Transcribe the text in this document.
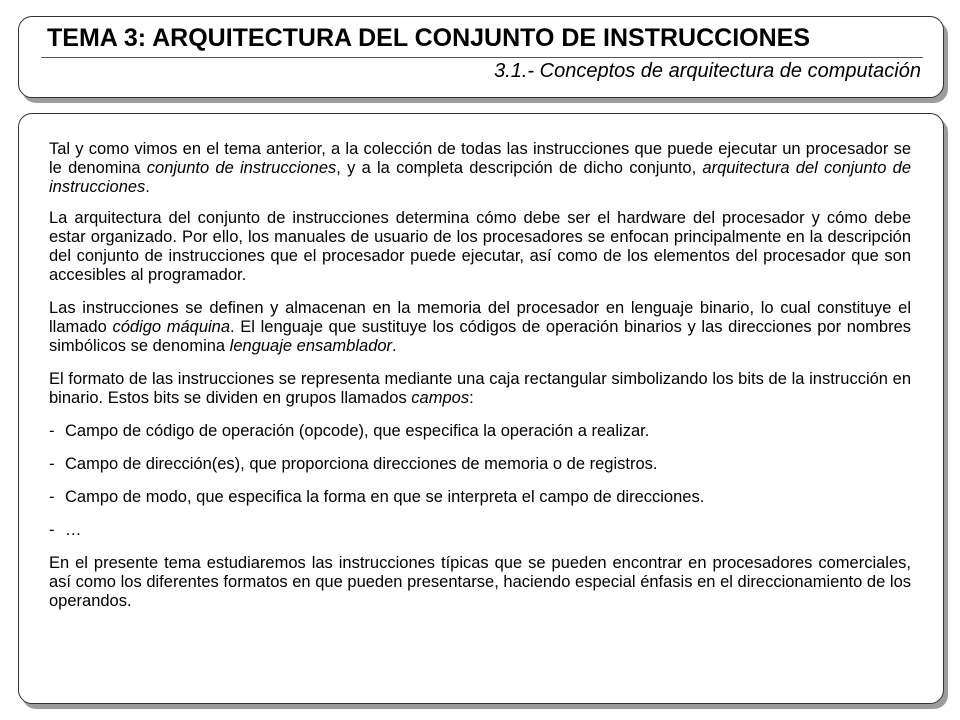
TEMA 3: ARQUITECTURA DEL CONJUNTO DE INSTRUCCIONES
3.1.- Conceptos de arquitectura de computación

Tal y como vimos en el tema anterior, a la colección de todas las instrucciones que puede ejecutar un procesador se le denomina conjunto de instrucciones, y a la completa descripción de dicho conjunto, arquitectura del conjunto de instrucciones.

La arquitectura del conjunto de instrucciones determina cómo debe ser el hardware del procesador y cómo debe estar organizado. Por ello, los manuales de usuario de los procesadores se enfocan principalmente en la descripción del conjunto de instrucciones que el procesador puede ejecutar, así como de los elementos del procesador que son accesibles al programador.

Las instrucciones se definen y almacenan en la memoria del procesador en lenguaje binario, lo cual constituye el llamado código máquina. El lenguaje que sustituye los códigos de operación binarios y las direcciones por nombres simbólicos se denomina lenguaje ensamblador.

El formato de las instrucciones se representa mediante una caja rectangular simbolizando los bits de la instrucción en binario. Estos bits se dividen en grupos llamados campos:

- Campo de código de operación (opcode), que especifica la operación a realizar.
- Campo de dirección(es), que proporciona direcciones de memoria o de registros.
- Campo de modo, que especifica la forma en que se interpreta el campo de direcciones.
- …

En el presente tema estudiaremos las instrucciones típicas que se pueden encontrar en procesadores comerciales, así como los diferentes formatos en que pueden presentarse, haciendo especial énfasis en el direccionamiento de los operandos.
